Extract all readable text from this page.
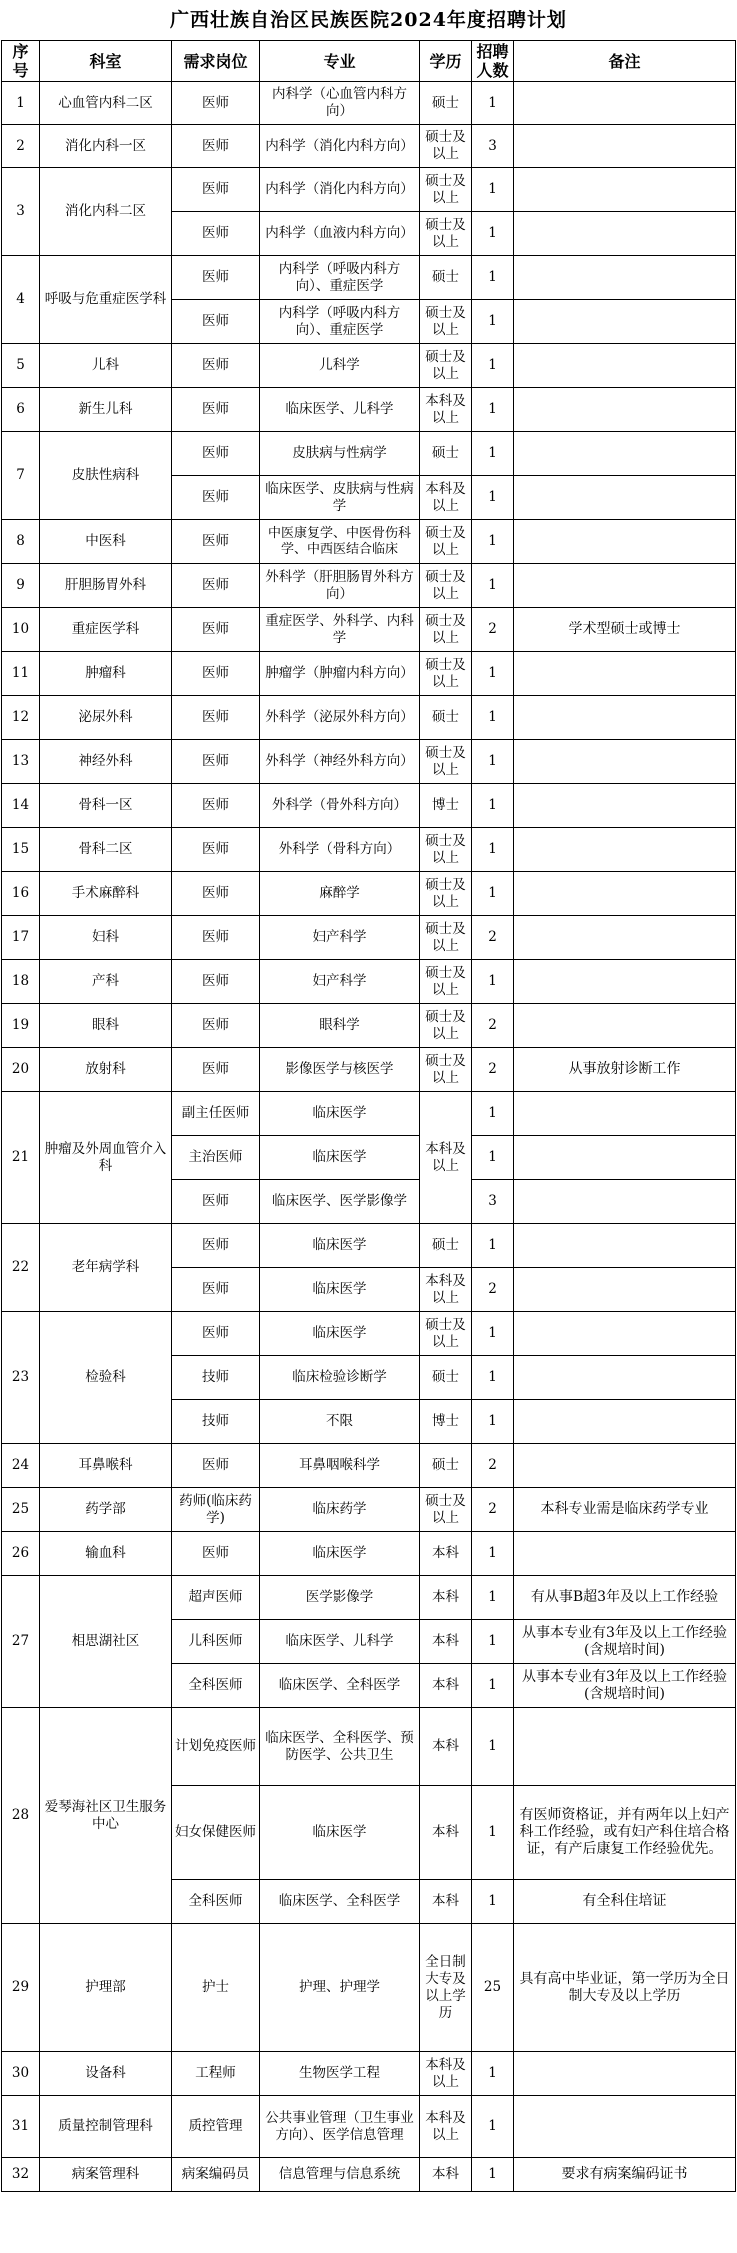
广西壮族自治区民族医院2024年度招聘计划
序号	科室	需求岗位	专业	学历	招聘人数	备注
1	心血管内科二区	医师	内科学（心血管内科方向）	硕士	1	
2	消化内科一区	医师	内科学（消化内科方向）	硕士及以上	3	
3	消化内科二区	医师	内科学（消化内科方向）	硕士及以上	1	
		医师	内科学（血液内科方向）	硕士及以上	1	
4	呼吸与危重症医学科	医师	内科学（呼吸内科方向）、重症医学	硕士	1	
		医师	内科学（呼吸内科方向）、重症医学	硕士及以上	1	
5	儿科	医师	儿科学	硕士及以上	1	
6	新生儿科	医师	临床医学、儿科学	本科及以上	1	
7	皮肤性病科	医师	皮肤病与性病学	硕士	1	
		医师	临床医学、皮肤病与性病学	本科及以上	1	
8	中医科	医师	中医康复学、中医骨伤科学、中西医结合临床	硕士及以上	1	
9	肝胆肠胃外科	医师	外科学（肝胆肠胃外科方向）	硕士及以上	1	
10	重症医学科	医师	重症医学、外科学、内科学	硕士及以上	2	学术型硕士或博士
11	肿瘤科	医师	肿瘤学（肿瘤内科方向）	硕士及以上	1	
12	泌尿外科	医师	外科学（泌尿外科方向）	硕士	1	
13	神经外科	医师	外科学（神经外科方向）	硕士及以上	1	
14	骨科一区	医师	外科学（骨外科方向）	博士	1	
15	骨科二区	医师	外科学（骨科方向）	硕士及以上	1	
16	手术麻醉科	医师	麻醉学	硕士及以上	1	
17	妇科	医师	妇产科学	硕士及以上	2	
18	产科	医师	妇产科学	硕士及以上	1	
19	眼科	医师	眼科学	硕士及以上	2	
20	放射科	医师	影像医学与核医学	硕士及以上	2	从事放射诊断工作
21	肿瘤及外周血管介入科	副主任医师	临床医学	本科及以上	1	
		主治医师	临床医学		1	
		医师	临床医学、医学影像学		3	
22	老年病学科	医师	临床医学	硕士	1	
		医师	临床医学	本科及以上	2	
23	检验科	医师	临床医学	硕士及以上	1	
		技师	临床检验诊断学	硕士	1	
		技师	不限	博士	1	
24	耳鼻喉科	医师	耳鼻咽喉科学	硕士	2	
25	药学部	药师(临床药学)	临床药学	硕士及以上	2	本科专业需是临床药学专业
26	输血科	医师	临床医学	本科	1	
27	相思湖社区	超声医师	医学影像学	本科	1	有从事B超3年及以上工作经验
		儿科医师	临床医学、儿科学	本科	1	从事本专业有3年及以上工作经验(含规培时间)
		全科医师	临床医学、全科医学	本科	1	从事本专业有3年及以上工作经验(含规培时间)
28	爱琴海社区卫生服务中心	计划免疫医师	临床医学、全科医学、预防医学、公共卫生	本科	1	
		妇女保健医师	临床医学	本科	1	有医师资格证，并有两年以上妇产科工作经验，或有妇产科住培合格证，有产后康复工作经验优先。
		全科医师	临床医学、全科医学	本科	1	有全科住培证
29	护理部	护士	护理、护理学	全日制大专及以上学历	25	具有高中毕业证，第一学历为全日制大专及以上学历
30	设备科	工程师	生物医学工程	本科及以上	1	
31	质量控制管理科	质控管理	公共事业管理（卫生事业方向）、医学信息管理	本科及以上	1	
32	病案管理科	病案编码员	信息管理与信息系统	本科	1	要求有病案编码证书
